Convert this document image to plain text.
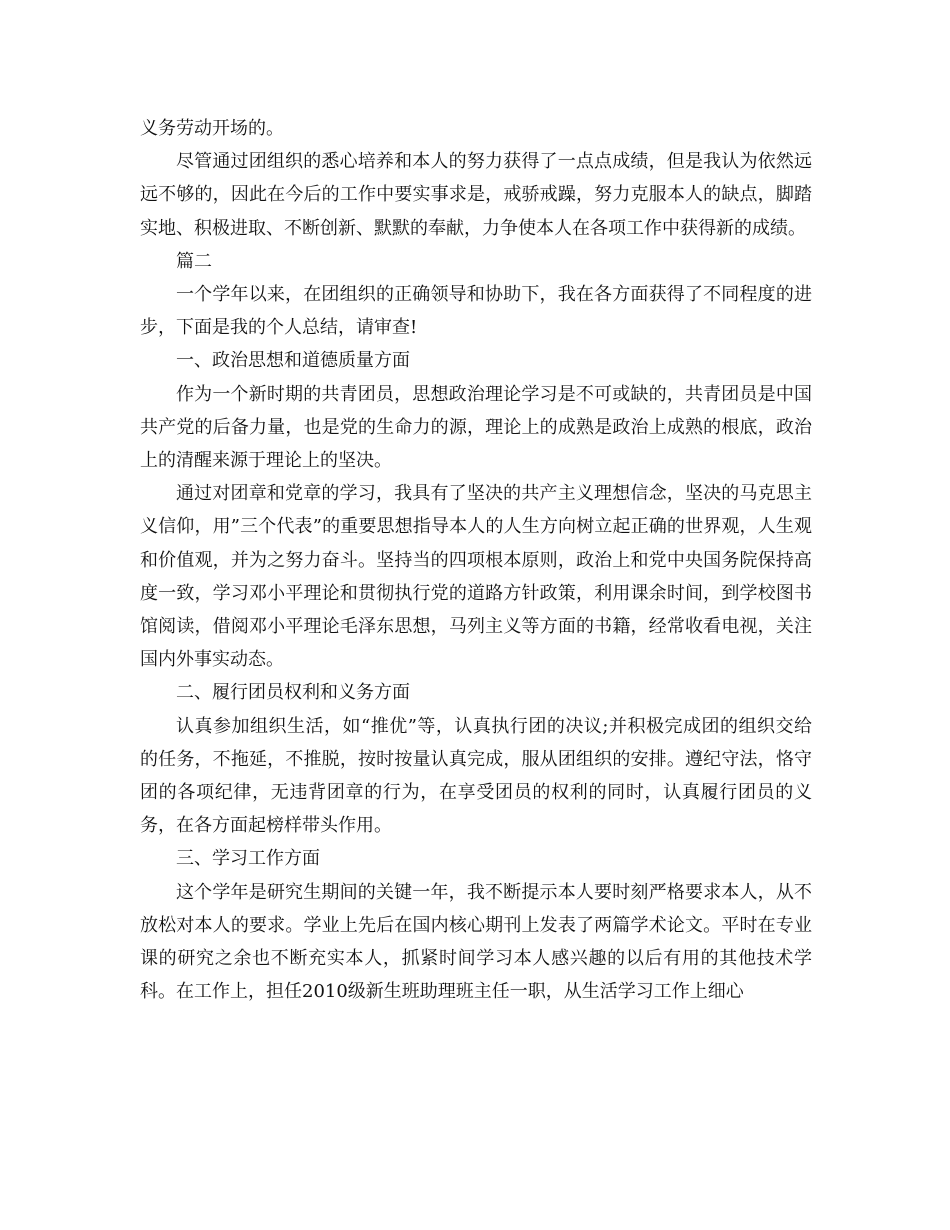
义务劳动开场的。

尽管通过团组织的悉心培养和本人的努力获得了一点点成绩，但是我认为依然远远不够的，因此在今后的工作中要实事求是，戒骄戒躁，努力克服本人的缺点，脚踏实地、积极进取、不断创新、默默的奉献，力争使本人在各项工作中获得新的成绩。

篇二

一个学年以来，在团组织的正确领导和协助下，我在各方面获得了不同程度的进步，下面是我的个人总结，请审查!

一、政治思想和道德质量方面

作为一个新时期的共青团员，思想政治理论学习是不可或缺的，共青团员是中国共产党的后备力量，也是党的生命力的源，理论上的成熟是政治上成熟的根底，政治上的清醒来源于理论上的坚决。

通过对团章和党章的学习，我具有了坚决的共产主义理想信念，坚决的马克思主义信仰，用”三个代表”的重要思想指导本人的人生方向树立起正确的世界观，人生观和价值观，并为之努力奋斗。坚持当的四项根本原则，政治上和党中央国务院保持高度一致，学习邓小平理论和贯彻执行党的道路方针政策，利用课余时间，到学校图书馆阅读，借阅邓小平理论毛泽东思想，马列主义等方面的书籍，经常收看电视，关注国内外事实动态。

二、履行团员权利和义务方面

认真参加组织生活，如“推优”等，认真执行团的决议;并积极完成团的组织交给的任务，不拖延，不推脱，按时按量认真完成，服从团组织的安排。遵纪守法，恪守团的各项纪律，无违背团章的行为，在享受团员的权利的同时，认真履行团员的义务，在各方面起榜样带头作用。

三、学习工作方面

这个学年是研究生期间的关键一年，我不断提示本人要时刻严格要求本人，从不放松对本人的要求。学业上先后在国内核心期刊上发表了两篇学术论文。平时在专业课的研究之余也不断充实本人，抓紧时间学习本人感兴趣的以后有用的其他技术学科。在工作上，担任2010级新生班助理班主任一职，从生活学习工作上细心
